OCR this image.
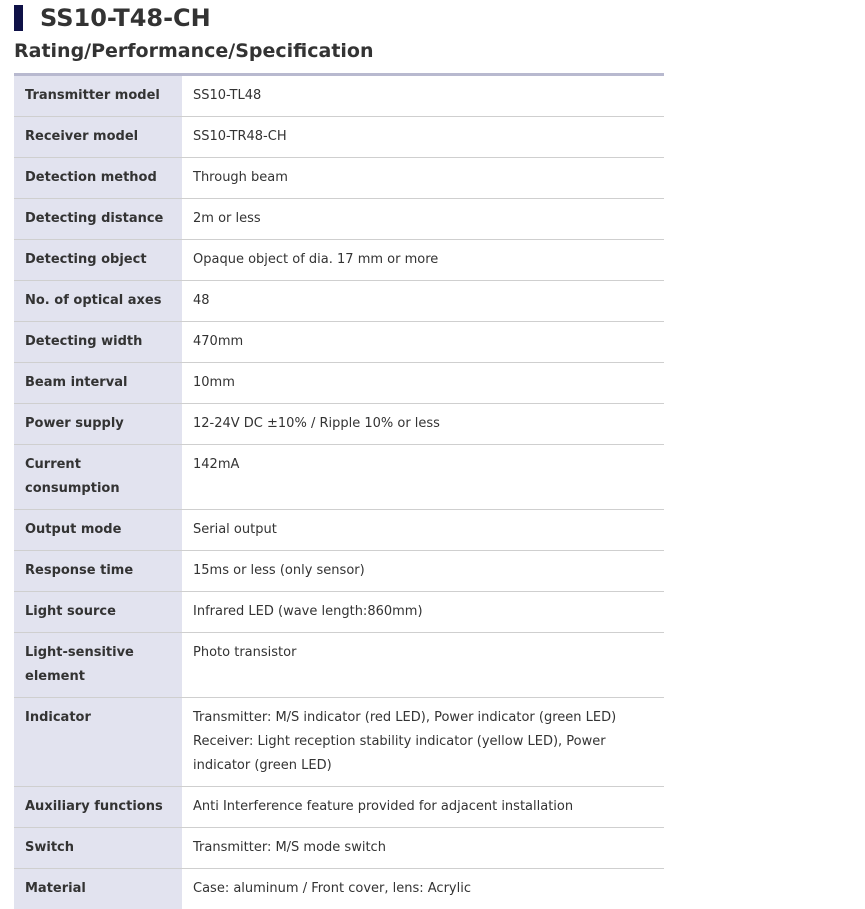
SS10-T48-CH
Rating/Performance/Specification
Transmitter model	SS10-TL48
Receiver model	SS10-TR48-CH
Detection method	Through beam
Detecting distance	2m or less
Detecting object	Opaque object of dia. 17 mm or more
No. of optical axes	48
Detecting width	470mm
Beam interval	10mm
Power supply	12-24V DC ±10% / Ripple 10% or less
Current consumption	142mA
Output mode	Serial output
Response time	15ms or less (only sensor)
Light source	Infrared LED (wave length:860mm)
Light-sensitive element	Photo transistor
Indicator	Transmitter: M/S indicator (red LED), Power indicator (green LED)
Receiver: Light reception stability indicator (yellow LED), Power indicator (green LED)

Auxiliary functions	Anti Interference feature provided for adjacent installation
Switch	Transmitter: M/S mode switch
Material	Case: aluminum / Front cover, lens: Acrylic
